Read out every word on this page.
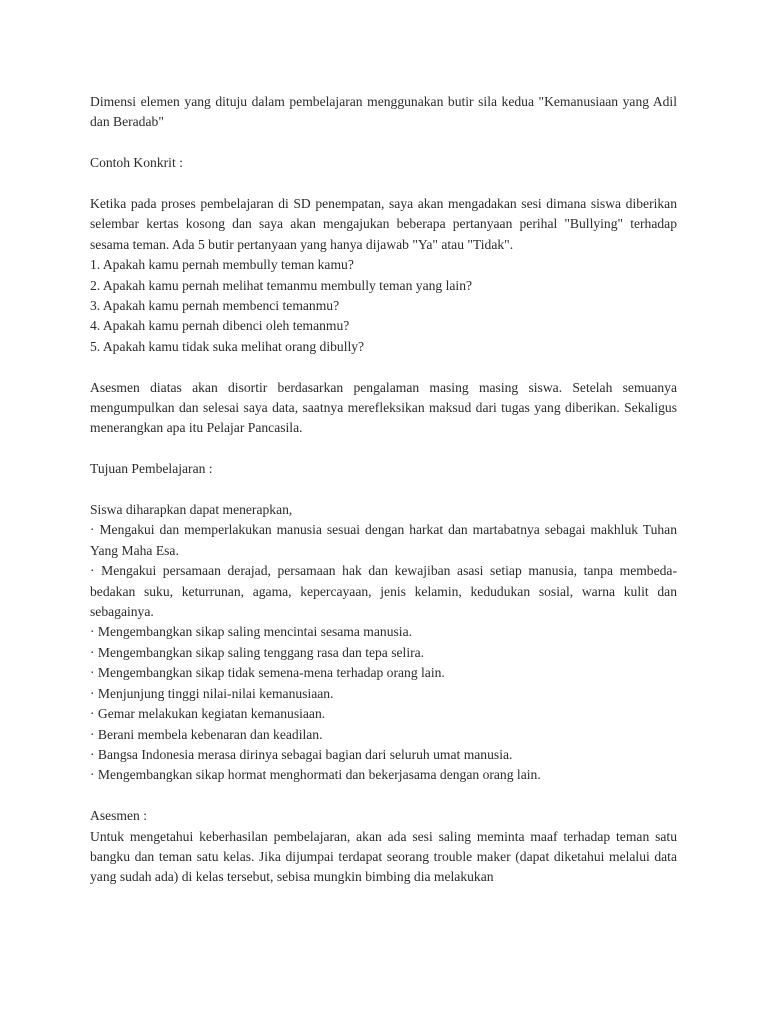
Dimensi elemen yang dituju dalam pembelajaran menggunakan butir sila kedua "Kemanusiaan yang Adil dan Beradab"

Contoh Konkrit :

Ketika pada proses pembelajaran di SD penempatan, saya akan mengadakan sesi dimana siswa diberikan selembar kertas kosong dan saya akan mengajukan beberapa pertanyaan perihal "Bullying" terhadap sesama teman. Ada 5 butir pertanyaan yang hanya dijawab "Ya" atau "Tidak".

1. Apakah kamu pernah membully teman kamu?
2. Apakah kamu pernah melihat temanmu membully teman yang lain?
3. Apakah kamu pernah membenci temanmu?
4. Apakah kamu pernah dibenci oleh temanmu?
5. Apakah kamu tidak suka melihat orang dibully?

Asesmen diatas akan disortir berdasarkan pengalaman masing masing siswa. Setelah semuanya mengumpulkan dan selesai saya data, saatnya merefleksikan maksud dari tugas yang diberikan. Sekaligus menerangkan apa itu Pelajar Pancasila.

Tujuan Pembelajaran :

Siswa diharapkan dapat menerapkan,

· Mengakui dan memperlakukan manusia sesuai dengan harkat dan martabatnya sebagai makhluk Tuhan Yang Maha Esa.
· Mengakui persamaan derajad, persamaan hak dan kewajiban asasi setiap manusia, tanpa membeda-bedakan suku, keturrunan, agama, kepercayaan, jenis kelamin, kedudukan sosial, warna kulit dan sebagainya.
· Mengembangkan sikap saling mencintai sesama manusia.
· Mengembangkan sikap saling tenggang rasa dan tepa selira.
· Mengembangkan sikap tidak semena-mena terhadap orang lain.
· Menjunjung tinggi nilai-nilai kemanusiaan.
· Gemar melakukan kegiatan kemanusiaan.
· Berani membela kebenaran dan keadilan.
· Bangsa Indonesia merasa dirinya sebagai bagian dari seluruh umat manusia.
· Mengembangkan sikap hormat menghormati dan bekerjasama dengan orang lain.

Asesmen :

Untuk mengetahui keberhasilan pembelajaran, akan ada sesi saling meminta maaf terhadap teman satu bangku dan teman satu kelas. Jika dijumpai terdapat seorang trouble maker (dapat diketahui melalui data yang sudah ada) di kelas tersebut, sebisa mungkin bimbing dia melakukan
